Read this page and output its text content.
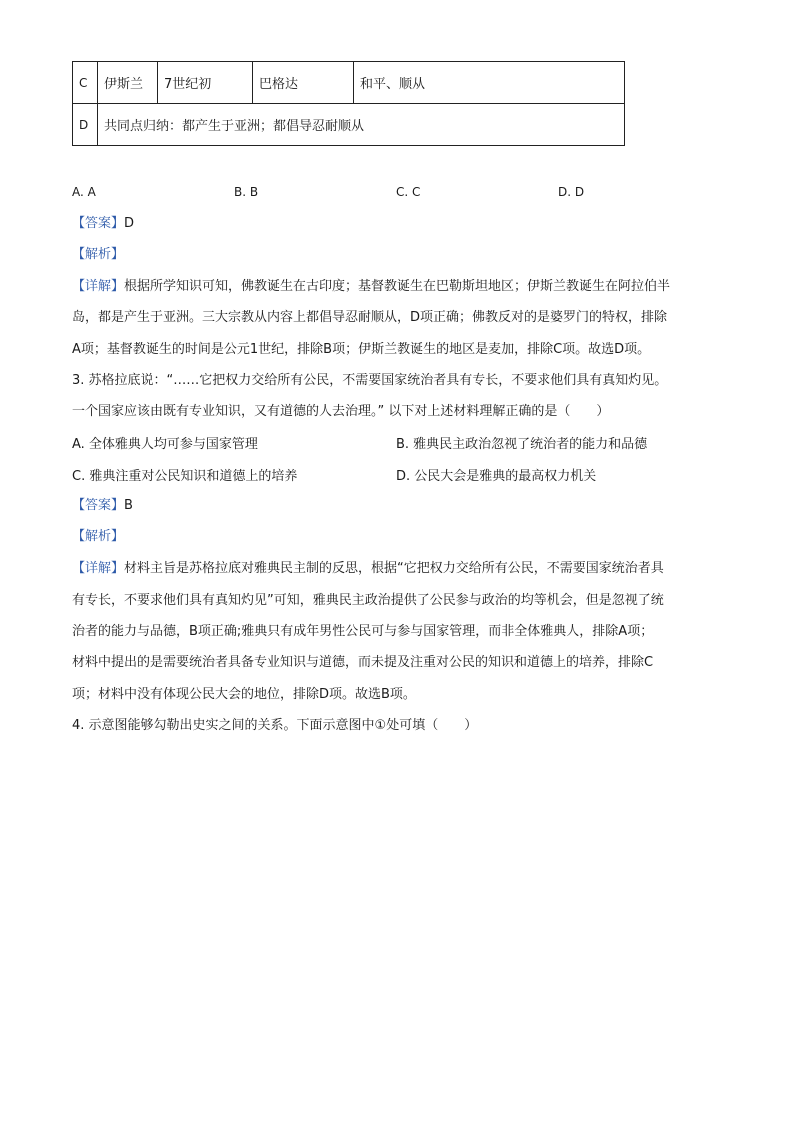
C	伊斯兰	7世纪初	巴格达	和平、顺从
D	共同点归纳：都产生于亚洲；都倡导忍耐顺从			
A. A	B. B	C. C	D. D
【答案】D
【解析】
【详解】根据所学知识可知，佛教诞生在古印度；基督教诞生在巴勒斯坦地区；伊斯兰教诞生在阿拉伯半
岛，都是产生于亚洲。三大宗教从内容上都倡导忍耐顺从，D项正确；佛教反对的是婆罗门的特权，排除
A项；基督教诞生的时间是公元1世纪，排除B项；伊斯兰教诞生的地区是麦加，排除C项。故选D项。
3. 苏格拉底说：“……它把权力交给所有公民，不需要国家统治者具有专长，不要求他们具有真知灼见。
一个国家应该由既有专业知识，又有道德的人去治理。” 以下对上述材料理解正确的是（　　）
A. 全体雅典人均可参与国家管理	B. 雅典民主政治忽视了统治者的能力和品德
C. 雅典注重对公民知识和道德上的培养	D. 公民大会是雅典的最高权力机关
【答案】B
【解析】
【详解】材料主旨是苏格拉底对雅典民主制的反思，根据“它把权力交给所有公民，不需要国家统治者具
有专长，不要求他们具有真知灼见”可知，雅典民主政治提供了公民参与政治的均等机会，但是忽视了统
治者的能力与品德，B项正确;雅典只有成年男性公民可与参与国家管理，而非全体雅典人，排除A项；
材料中提出的是需要统治者具备专业知识与道德，而未提及注重对公民的知识和道德上的培养，排除C
项；材料中没有体现公民大会的地位，排除D项。故选B项。
4. 示意图能够勾勒出史实之间的关系。下面示意图中①处可填（　　）
